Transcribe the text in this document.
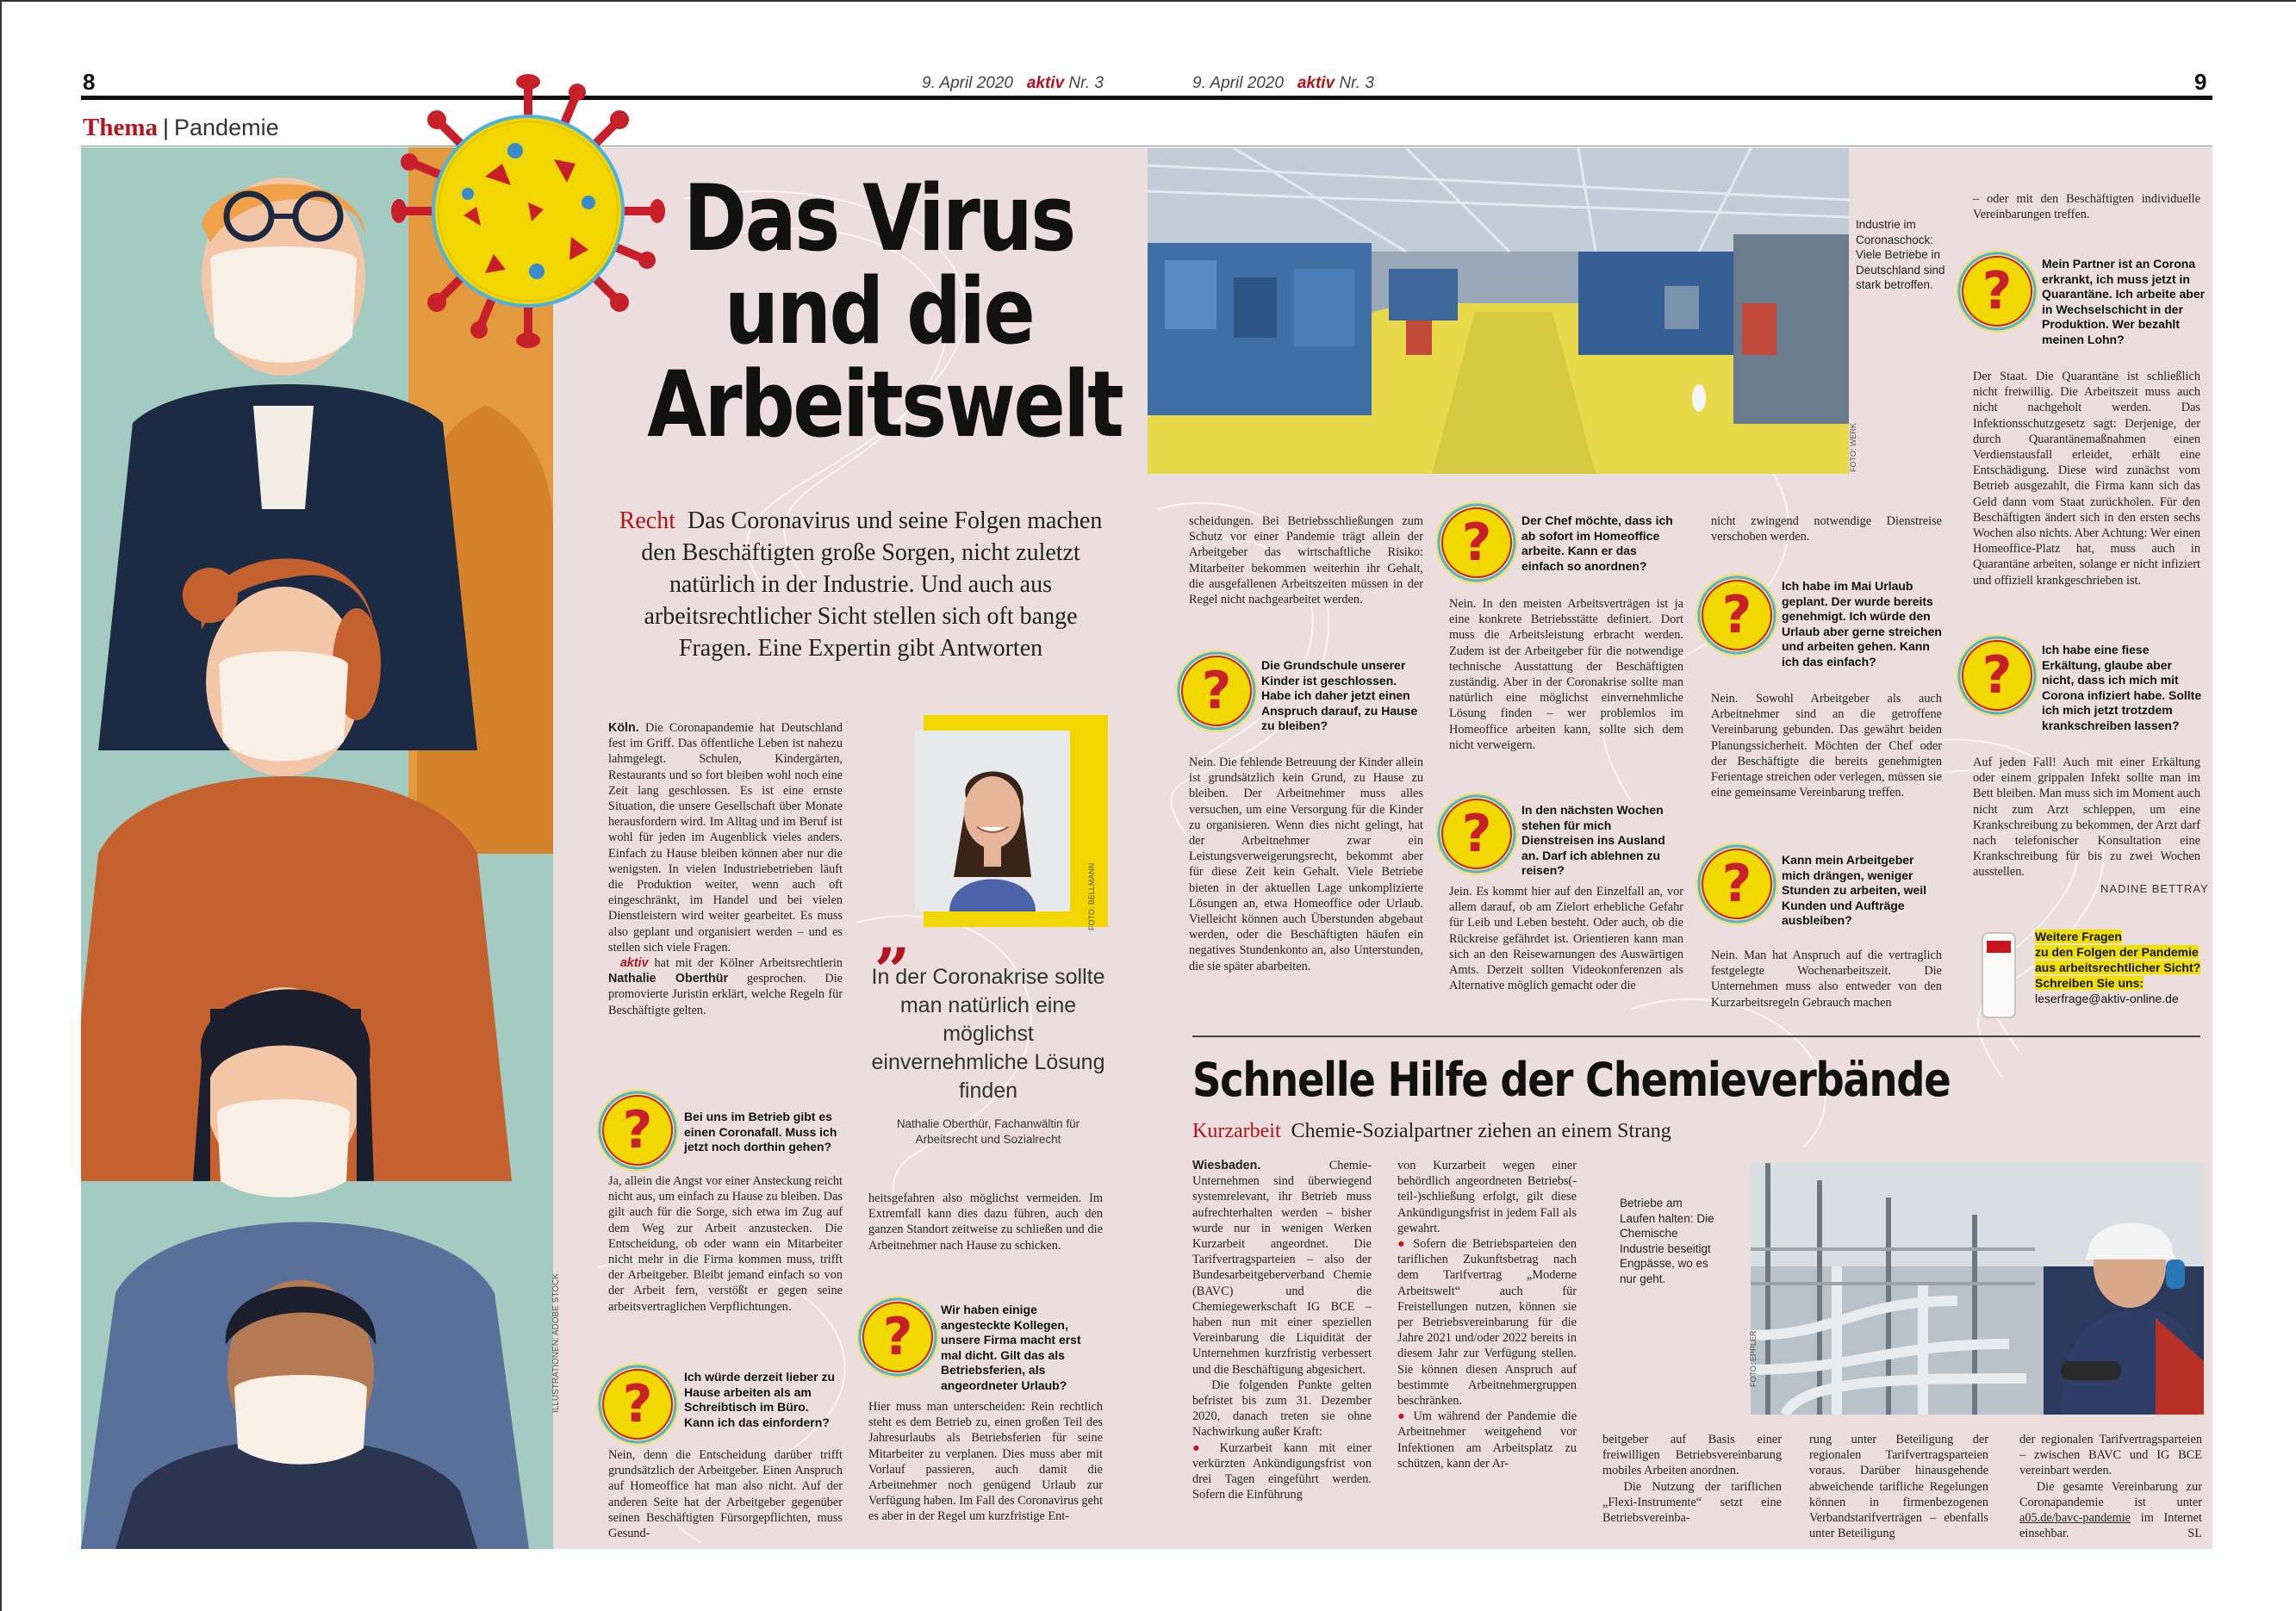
8	9
9. April 2020 aktiv Nr. 3	9. April 2020 aktiv Nr. 3
Thema | Pandemie
ILLUSTRATIONEN: ADOBE STOCK
Das Virus
und die
Arbeitswelt
Recht Das Coronavirus und seine Folgen machen den Beschäftigten große Sorgen, nicht zuletzt natürlich in der Industrie. Und auch aus arbeitsrechtlicher Sicht stellen sich oft bange Fragen. Eine Expertin gibt Antworten
Köln. Die Coronapandemie hat Deutschland fest im Griff. Das öffentliche Leben ist nahezu lahmgelegt. Schulen, Kindergärten, Restaurants und so fort bleiben wohl noch eine Zeit lang geschlossen. Es ist eine ernste Situation, die unsere Gesellschaft über Monate herausfordern wird. Im Alltag und im Beruf ist wohl für jeden im Augenblick vieles anders. Einfach zu Hause bleiben können aber nur die wenigsten. In vielen Industriebetrieben läuft die Produktion weiter, wenn auch oft eingeschränkt, im Handel und bei vielen Dienstleistern wird weiter gearbeitet. Es muss also geplant und organisiert werden – und es stellen sich viele Fragen.
aktiv hat mit der Kölner Arbeitsrechtlerin Nathalie Oberthür gesprochen. Die promovierte Juristin erklärt, welche Regeln für Beschäftigte gelten.
FOTO: BELLMANN
„
In der Coronakrise sollte man natürlich eine möglichst einvernehmliche Lösung finden
Nathalie Oberthür, Fachanwältin für Arbeitsrecht und Sozialrecht
?	Bei uns im Betrieb gibt es einen Coronafall. Muss ich jetzt noch dorthin gehen?
Ja, allein die Angst vor einer Ansteckung reicht nicht aus, um einfach zu Hause zu bleiben. Das gilt auch für die Sorge, sich etwa im Zug auf dem Weg zur Arbeit anzustecken. Die Entscheidung, ob oder wann ein Mitarbeiter nicht mehr in die Firma kommen muss, trifft der Arbeitgeber. Bleibt jemand einfach so von der Arbeit fern, verstößt er gegen seine arbeitsvertraglichen Verpflichtungen.
?	Ich würde derzeit lieber zu Hause arbeiten als am Schreibtisch im Büro. Kann ich das einfordern?
Nein, denn die Entscheidung darüber trifft grundsätzlich der Arbeitgeber. Einen Anspruch auf Homeoffice hat man also nicht. Auf der anderen Seite hat der Arbeitgeber gegenüber seinen Beschäftigten Fürsorgepflichten, muss Gesund-
heitsgefahren also möglichst vermeiden. Im Extremfall kann dies dazu führen, auch den ganzen Standort zeitweise zu schließen und die Arbeitnehmer nach Hause zu schicken.
? Wir haben einige angesteckte Kollegen, unsere Firma macht erst mal dicht. Gilt das als Betriebsferien, als angeordneter Urlaub?
Hier muss man unterscheiden: Rein rechtlich steht es dem Betrieb zu, einen großen Teil des Jahresurlaubs als Betriebsferien für seine Mitarbeiter zu verplanen. Dies muss aber mit Vorlauf passieren, auch damit die Arbeitnehmer noch genügend Urlaub zur Verfügung haben. Im Fall des Coronavirus geht es aber in der Regel um kurzfristige Ent-
FOTO: WERK
Industrie im Coronaschock: Viele Betriebe in Deutschland sind stark betroffen.
scheidungen. Bei Betriebsschließungen zum Schutz vor einer Pandemie trägt allein der Arbeitgeber das wirtschaftliche Risiko: Mitarbeiter bekommen weiterhin ihr Gehalt, die ausgefallenen Arbeitszeiten müssen in der Regel nicht nachgearbeitet werden.
? Die Grundschule unserer Kinder ist geschlossen. Habe ich daher jetzt einen Anspruch darauf, zu Hause zu bleiben?
Nein. Die fehlende Betreuung der Kinder allein ist grundsätzlich kein Grund, zu Hause zu bleiben. Der Arbeitnehmer muss alles versuchen, um eine Versorgung für die Kinder zu organisieren. Wenn dies nicht gelingt, hat der Arbeitnehmer zwar ein Leistungsverweigerungsrecht, bekommt aber für diese Zeit kein Gehalt. Viele Betriebe bieten in der aktuellen Lage unkomplizierte Lösungen an, etwa Homeoffice oder Urlaub. Vielleicht können auch Überstunden abgebaut werden, oder die Beschäftigten häufen ein negatives Stundenkonto an, also Unterstunden, die sie später abarbeiten.
? Der Chef möchte, dass ich ab sofort im Homeoffice arbeite. Kann er das einfach so anordnen?
Nein. In den meisten Arbeitsverträgen ist ja eine konkrete Betriebsstätte definiert. Dort muss die Arbeitsleistung erbracht werden. Zudem ist der Arbeitgeber für die notwendige technische Ausstattung der Beschäftigten zuständig. Aber in der Coronakrise sollte man natürlich eine möglichst einvernehmliche Lösung finden – wer problemlos im Homeoffice arbeiten kann, sollte sich dem nicht verweigern.
? In den nächsten Wochen stehen für mich Dienstreisen ins Ausland an. Darf ich ablehnen zu reisen?
Jein. Es kommt hier auf den Einzelfall an, vor allem darauf, ob am Zielort erhebliche Gefahr für Leib und Leben besteht. Oder auch, ob die Rückreise gefährdet ist. Orientieren kann man sich an den Reisewarnungen des Auswärtigen Amts. Derzeit sollten Videokonferenzen als Alternative möglich gemacht oder die
nicht zwingend notwendige Dienstreise verschoben werden.
? Ich habe im Mai Urlaub geplant. Der wurde bereits genehmigt. Ich würde den Urlaub aber gerne streichen und arbeiten gehen. Kann ich das einfach?
Nein. Sowohl Arbeitgeber als auch Arbeitnehmer sind an die getroffene Vereinbarung gebunden. Das gewährt beiden Planungssicherheit. Möchten der Chef oder der Beschäftigte die bereits genehmigten Ferientage streichen oder verlegen, müssen sie eine gemeinsame Vereinbarung treffen.
? Kann mein Arbeitgeber mich drängen, weniger Stunden zu arbeiten, weil Kunden und Aufträge ausbleiben?
Nein. Man hat Anspruch auf die vertraglich festgelegte Wochenarbeitszeit. Die Unternehmen muss also entweder von den Kurzarbeitsregeln Gebrauch machen
– oder mit den Beschäftigten individuelle Vereinbarungen treffen.
? Mein Partner ist an Corona erkrankt, ich muss jetzt in Quarantäne. Ich arbeite aber in Wechselschicht in der Produktion. Wer bezahlt meinen Lohn?
Der Staat. Die Quarantäne ist schließlich nicht freiwillig. Die Arbeitszeit muss auch nicht nachgeholt werden. Das Infektionsschutzgesetz sagt: Derjenige, der durch Quarantänemaßnahmen einen Verdienstausfall erleidet, erhält eine Entschädigung. Diese wird zunächst vom Betrieb ausgezahlt, die Firma kann sich das Geld dann vom Staat zurückholen. Für den Beschäftigten ändert sich in den ersten sechs Wochen also nichts. Aber Achtung: Wer einen Homeoffice-Platz hat, muss auch in Quarantäne arbeiten, solange er nicht infiziert und offiziell krankgeschrieben ist.
? Ich habe eine fiese Erkältung, glaube aber nicht, dass ich mich mit Corona infiziert habe. Sollte ich mich jetzt trotzdem krankschreiben lassen?
Auf jeden Fall! Auch mit einer Erkältung oder einem grippalen Infekt sollte man im Bett bleiben. Man muss sich im Moment auch nicht zum Arzt schleppen, um eine Krankschreibung zu bekommen, der Arzt darf nach telefonischer Konsultation eine Krankschreibung für bis zu zwei Wochen ausstellen.
NADINE BETTRAY
Weitere Fragen
zu den Folgen der Pandemie
aus arbeitsrechtlicher Sicht?
Schreiben Sie uns:
leserfrage@aktiv-online.de
Schnelle Hilfe der Chemieverbände
Kurzarbeit Chemie-Sozialpartner ziehen an einem Strang
Wiesbaden.	Chemie-Unternehmen sind überwiegend systemrelevant, ihr Betrieb muss aufrechterhalten werden – bisher wurde nur in wenigen Werken Kurzarbeit angeordnet. Die Tarifvertragsparteien – also der Bundesarbeitgeberverband Chemie (BAVC) und die Chemiegewerkschaft IG BCE – haben nun mit einer speziellen Vereinbarung die Liquidität der Unternehmen kurzfristig verbessert und die Beschäftigung abgesichert.
Die folgenden Punkte gelten befristet bis zum 31. Dezember 2020, danach treten sie ohne Nachwirkung außer Kraft:
● Kurzarbeit kann mit einer verkürzten Ankündigungsfrist von drei Tagen eingeführt werden. Sofern die Einführung
von Kurzarbeit wegen einer behördlich angeordneten Betriebs(-teil-)schließung erfolgt, gilt diese Ankündigungsfrist in jedem Fall als gewahrt.
● Sofern die Betriebsparteien den tariflichen Zukunftsbetrag nach dem Tarifvertrag „Moderne Arbeitswelt“ auch für Freistellungen nutzen, können sie per Betriebsvereinbarung für die Jahre 2021 und/oder 2022 bereits in diesem Jahr zur Verfügung stellen. Sie können diesen Anspruch auf bestimmte Arbeitnehmergruppen beschränken.
● Um während der Pandemie die Arbeitnehmer weitgehend vor Infektionen am Arbeitsplatz zu schützen, kann der Ar-
beitgeber auf Basis einer freiwilligen Betriebsvereinbarung mobiles Arbeiten anordnen.
Die Nutzung der tariflichen „Flexi-Instrumente“ setzt eine Betriebsvereinba-
rung unter Beteiligung der regionalen Tarifvertragsparteien voraus. Darüber hinausgehende abweichende tarifliche Regelungen können in firmenbezogenen Verbandstarifverträgen – ebenfalls unter Beteiligung
der regionalen Tarifvertragsparteien – zwischen BAVC und IG BCE vereinbart werden.
Die gesamte Vereinbarung zur Coronapandemie ist unter a05.de/bavc-pandemie im Internet einsehbar.	SL
Betriebe am Laufen halten: Die Chemische Industrie beseitigt Engpässe, wo es nur geht.
FOTO: EPPLER
